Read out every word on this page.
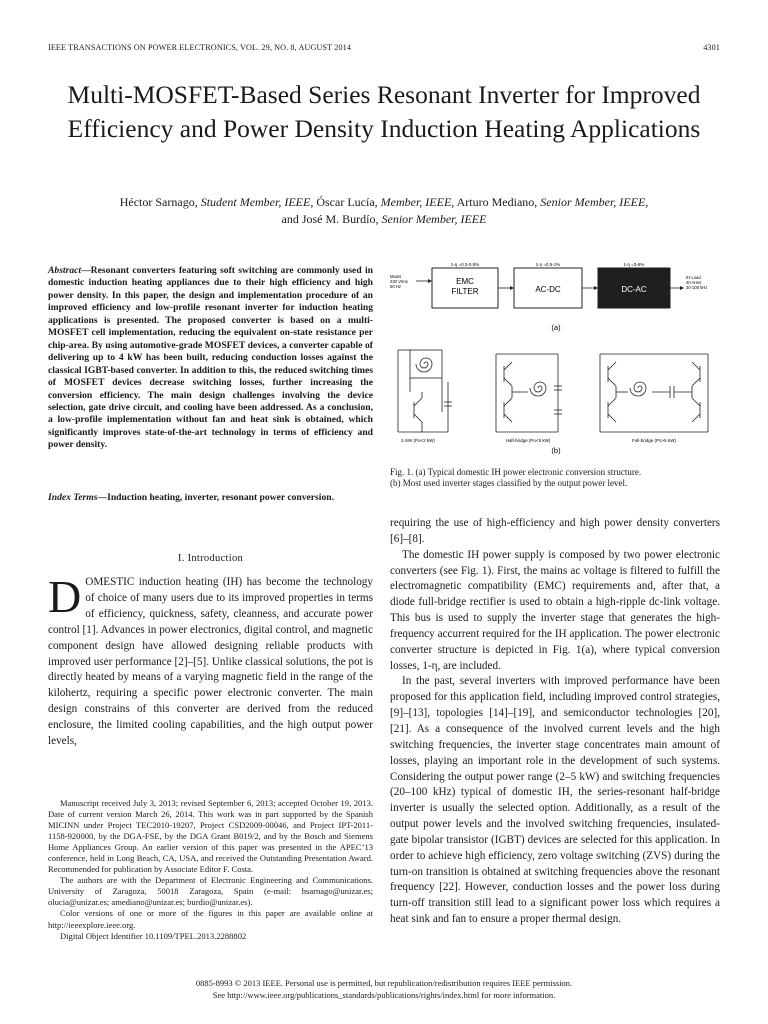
IEEE TRANSACTIONS ON POWER ELECTRONICS, VOL. 29, NO. 8, AUGUST 2014	4301
Multi-MOSFET-Based Series Resonant Inverter for Improved Efficiency and Power Density Induction Heating Applications
Héctor Sarnago, Student Member, IEEE, Óscar Lucía, Member, IEEE, Arturo Mediano, Senior Member, IEEE,
and José M. Burdío, Senior Member, IEEE
Abstract—Resonant converters featuring soft switching are commonly used in domestic induction heating appliances due to their high efficiency and high power density. In this paper, the design and implementation procedure of an improved efficiency and low-profile resonant inverter for induction heating applications is presented. The proposed converter is based on a multi-MOSFET cell implementation, reducing the equivalent on-state resistance per chip-area. By using automotive-grade MOSFET devices, a converter capable of delivering up to 4 kW has been built, reducing conduction losses against the classical IGBT-based converter. In addition to this, the reduced switching times of MOSFET devices decrease switching losses, further increasing the conversion efficiency. The main design challenges involving the device selection, gate drive circuit, and cooling have been addressed. As a conclusion, a low-profile implementation without fan and heat sink is obtained, which significantly improves state-of-the-art technology in terms of efficiency and power density.
Index Terms—Induction heating, inverter, resonant power conversion.
I. Introduction
DOMESTIC induction heating (IH) has become the technology of choice of many users due to its improved properties in terms of efficiency, quickness, safety, cleanness, and accurate power control [1]. Advances in power electronics, digital control, and magnetic component design have allowed designing reliable products with improved user performance [2]–[5]. Unlike classical solutions, the pot is directly heated by means of a varying magnetic field in the range of the kilohertz, requiring a specific power electronic converter. The main design constrains of this converter are derived from the reduced enclosure, the limited cooling capabilities, and the high output power levels,

Manuscript received July 3, 2013; revised September 6, 2013; accepted October 19, 2013. Date of current version March 26, 2014. This work was in part supported by the Spanish MICINN under Project TEC2010-19207, Project CSD2009-00046, and Project IPT-2011-1158-920000, by the DGA-FSE, by the DGA Grant B019/2, and by the Bosch and Siemens Home Appliances Group. An earlier version of this paper was presented in the APEC’13 conference, held in Long Beach, CA, USA, and received the Outstanding Presentation Award. Recommended for publication by Associate Editor F. Costa.

The authors are with the Department of Electronic Engineering and Communications. University of Zaragoza, 50018 Zaragoza, Spain (e-mail: hsarnago@unizar.es; olucia@unizar.es; amediano@unizar.es; burdio@unizar.es).

Color versions of one or more of the figures in this paper are available online at http://ieeexplore.ieee.org.

Digital Object Identifier 10.1109/TPEL.2013.2288802

Mains
230 Vrms
50 Hz
EMC
FILTER	AC-DC	DC-AC
IH Load
40 Arms
20-100 kHz
1-η =0.3-0.8%	1-η =0.5-1%	1-η =3-6%
(a)
1-SW (Po<2 kW)	Half-bridge (Po<5 kW)	Full-bridge (Po>5 kW)
(b)
Fig. 1. (a) Typical domestic IH power electronic conversion structure.
(b) Most used inverter stages classified by the output power level.

requiring the use of high-efficiency and high power density converters [6]–[8].

The domestic IH power supply is composed by two power electronic converters (see Fig. 1). First, the mains ac voltage is filtered to fulfill the electromagnetic compatibility (EMC) requirements and, after that, a diode full-bridge rectifier is used to obtain a high-ripple dc-link voltage. This bus is used to supply the inverter stage that generates the high-frequency accurrent required for the IH application. The power electronic converter structure is depicted in Fig. 1(a), where typical conversion losses, 1-η, are included.

In the past, several inverters with improved performance have been proposed for this application field, including improved control strategies, [9]–[13], topologies [14]–[19], and semiconductor technologies [20], [21]. As a consequence of the involved current levels and the high switching frequencies, the inverter stage concentrates main amount of losses, playing an important role in the development of such systems. Considering the output power range (2–5 kW) and switching frequencies (20–100 kHz) typical of domestic IH, the series-resonant half-bridge inverter is usually the selected option. Additionally, as a result of the output power levels and the involved switching frequencies, insulated-gate bipolar transistor (IGBT) devices are selected for this application. In order to achieve high efficiency, zero voltage switching (ZVS) during the turn-on transition is obtained at switching frequencies above the resonant frequency [22]. However, conduction losses and the power loss during turn-off transition still lead to a significant power loss which requires a heat sink and fan to ensure a proper thermal design.

0885-8993 © 2013 IEEE. Personal use is permitted, but republication/redistribution requires IEEE permission.
See http://www.ieee.org/publications_standards/publications/rights/index.html for more information.
